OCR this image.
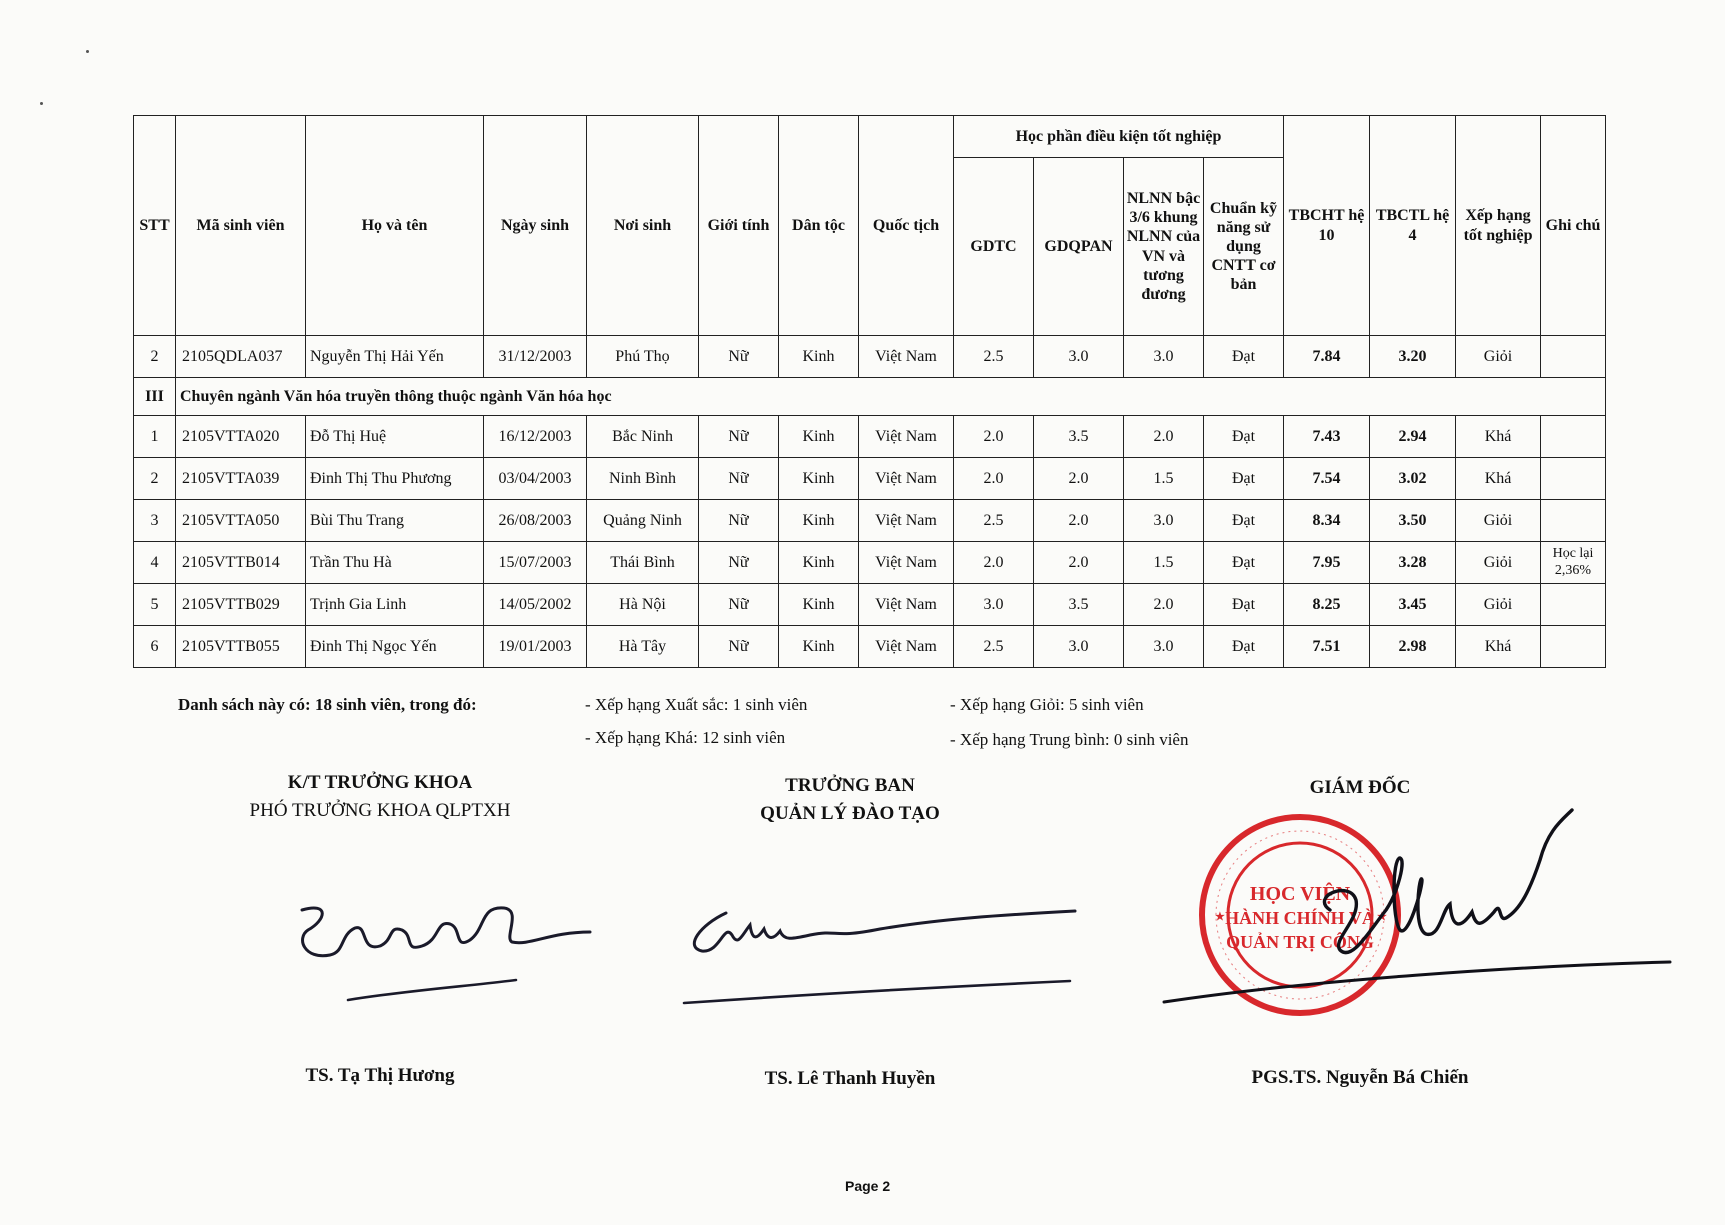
STT	Mã sinh viên	Họ và tên	Ngày sinh	Nơi sinh	Giới tính	Dân tộc	Quốc tịch	Học phần điều kiện tốt nghiệp				TBCHT hệ 10	TBCTL hệ 4	Xếp hạng tốt nghiệp	Ghi chú
								GDTC	GDQPAN	NLNN bậc 3/6 khung NLNN của VN và tương đương	Chuẩn kỹ năng sử dụng CNTT cơ bản				
2	2105QDLA037	Nguyễn Thị Hải Yến	31/12/2003	Phú Thọ	Nữ	Kinh	Việt Nam	2.5	3.0	3.0	Đạt	7.84	3.20	Giỏi	
III	Chuyên ngành Văn hóa truyền thông thuộc ngành Văn hóa học														
1	2105VTTA020	Đỗ Thị Huệ	16/12/2003	Bắc Ninh	Nữ	Kinh	Việt Nam	2.0	3.5	2.0	Đạt	7.43	2.94	Khá	
2	2105VTTA039	Đinh Thị Thu Phương	03/04/2003	Ninh Bình	Nữ	Kinh	Việt Nam	2.0	2.0	1.5	Đạt	7.54	3.02	Khá	
3	2105VTTA050	Bùi Thu Trang	26/08/2003	Quảng Ninh	Nữ	Kinh	Việt Nam	2.5	2.0	3.0	Đạt	8.34	3.50	Giỏi	
4	2105VTTB014	Trần Thu Hà	15/07/2003	Thái Bình	Nữ	Kinh	Việt Nam	2.0	2.0	1.5	Đạt	7.95	3.28	Giỏi	Học lại 2,36%
5	2105VTTB029	Trịnh Gia Linh	14/05/2002	Hà Nội	Nữ	Kinh	Việt Nam	3.0	3.5	2.0	Đạt	8.25	3.45	Giỏi	
6	2105VTTB055	Đinh Thị Ngọc Yến	19/01/2003	Hà Tây	Nữ	Kinh	Việt Nam	2.5	3.0	3.0	Đạt	7.51	2.98	Khá	
Danh sách này có: 18 sinh viên, trong đó:	- Xếp hạng Xuất sắc: 1 sinh viên
- Xếp hạng Khá: 12 sinh viên
- Xếp hạng Giỏi: 5 sinh viên
- Xếp hạng Trung bình: 0 sinh viên
K/T TRƯỞNG KHOA
PHÓ TRƯỞNG KHOA QLPTXH
TRƯỞNG BAN
QUẢN LÝ ĐÀO TẠO
GIÁM ĐỐC
HỌC VIỆN
HÀNH CHÍNH VÀ
QUẢN TRỊ CÔNG
★	★
TS. Tạ Thị Hương	TS. Lê Thanh Huyền	PGS.TS. Nguyễn Bá Chiến
Page 2
